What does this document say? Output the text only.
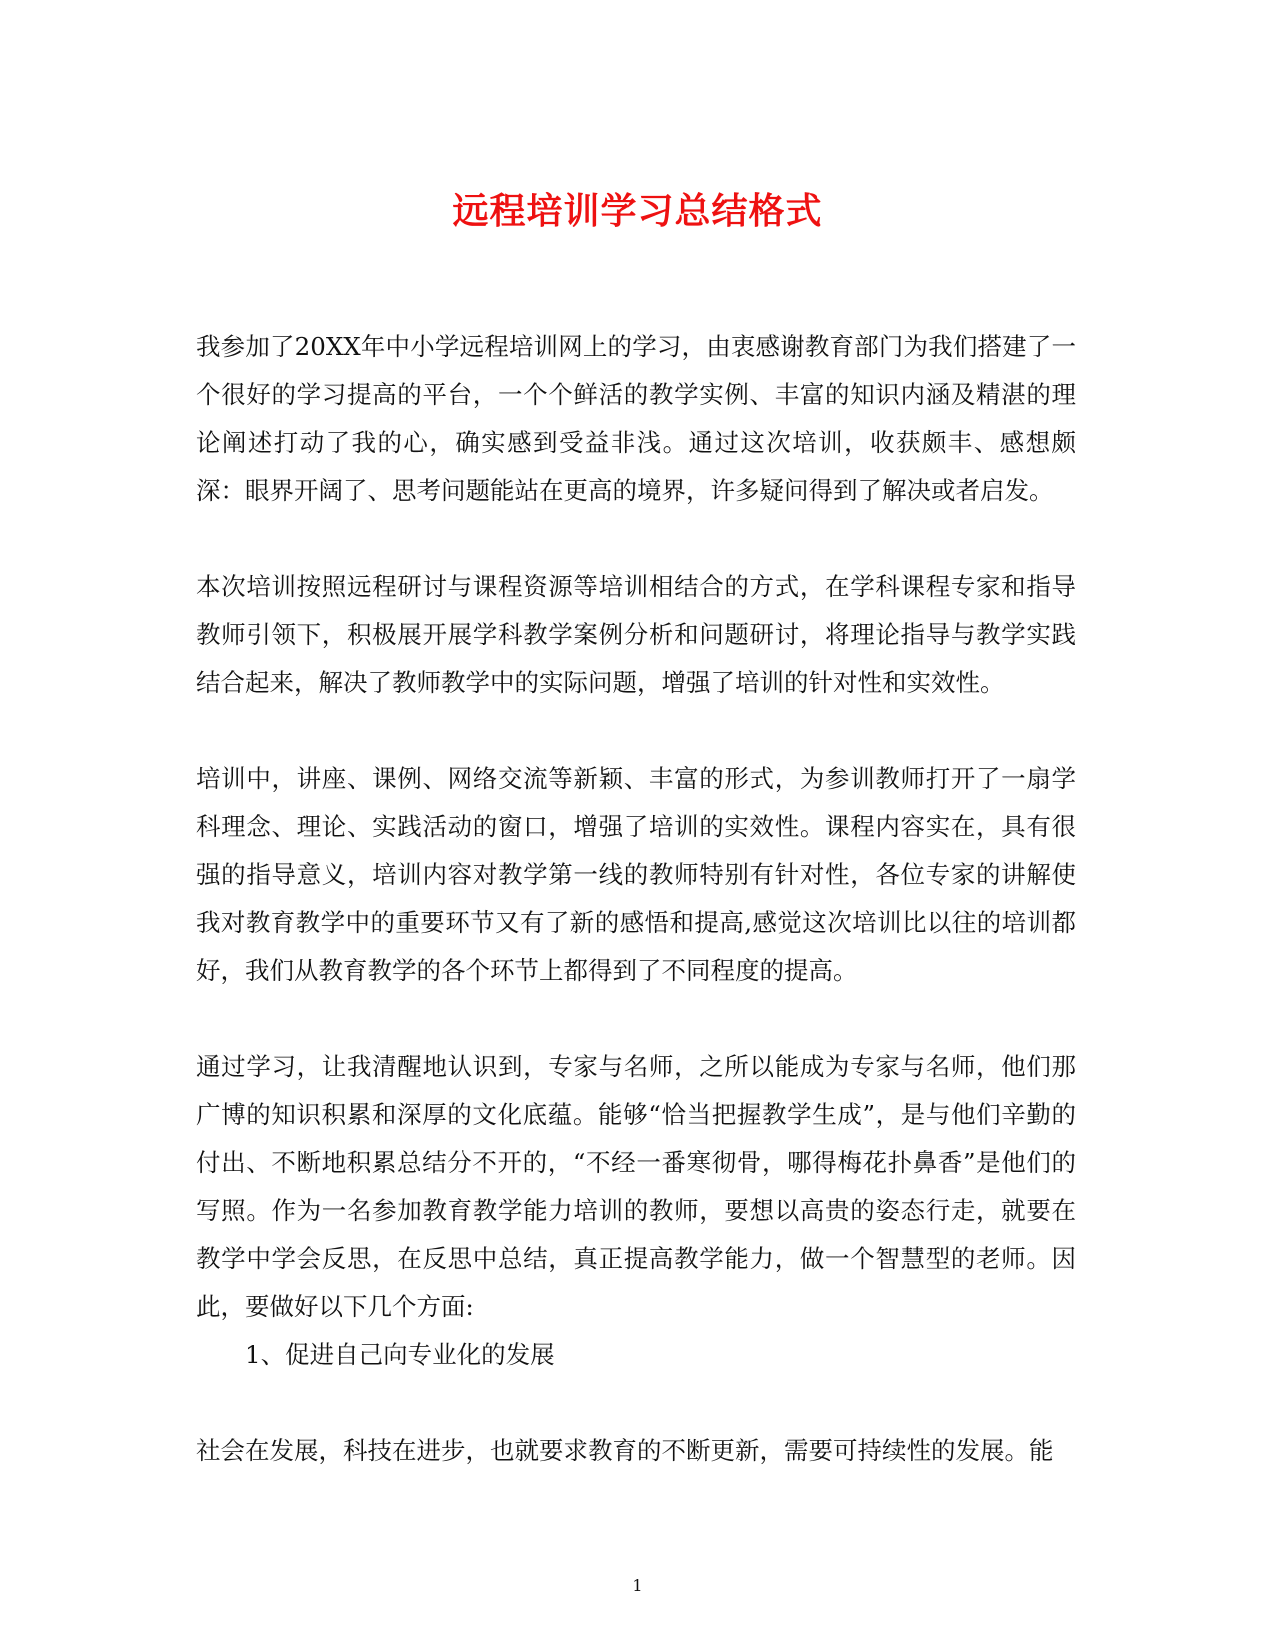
远程培训学习总结格式

我参加了20XX年中小学远程培训网上的学习，由衷感谢教育部门为我们搭建了一个很好的学习提高的平台，一个个鲜活的教学实例、丰富的知识内涵及精湛的理论阐述打动了我的心，确实感到受益非浅。通过这次培训，收获颇丰、感想颇深：眼界开阔了、思考问题能站在更高的境界，许多疑问得到了解决或者启发。

本次培训按照远程研讨与课程资源等培训相结合的方式，在学科课程专家和指导教师引领下，积极展开展学科教学案例分析和问题研讨，将理论指导与教学实践结合起来，解决了教师教学中的实际问题，增强了培训的针对性和实效性。

培训中，讲座、课例、网络交流等新颖、丰富的形式，为参训教师打开了一扇学科理念、理论、实践活动的窗口，增强了培训的实效性。课程内容实在，具有很强的指导意义，培训内容对教学第一线的教师特别有针对性，各位专家的讲解使我对教育教学中的重要环节又有了新的感悟和提高,感觉这次培训比以往的培训都好，我们从教育教学的各个环节上都得到了不同程度的提高。

通过学习，让我清醒地认识到，专家与名师，之所以能成为专家与名师，他们那广博的知识积累和深厚的文化底蕴。能够“恰当把握教学生成”，是与他们辛勤的付出、不断地积累总结分不开的，“不经一番寒彻骨，哪得梅花扑鼻香”是他们的写照。作为一名参加教育教学能力培训的教师，要想以高贵的姿态行走，就要在教学中学会反思，在反思中总结，真正提高教学能力，做一个智慧型的老师。因此，要做好以下几个方面:

1、促进自己向专业化的发展

社会在发展，科技在进步，也就要求教育的不断更新，需要可持续性的发展。能

1
